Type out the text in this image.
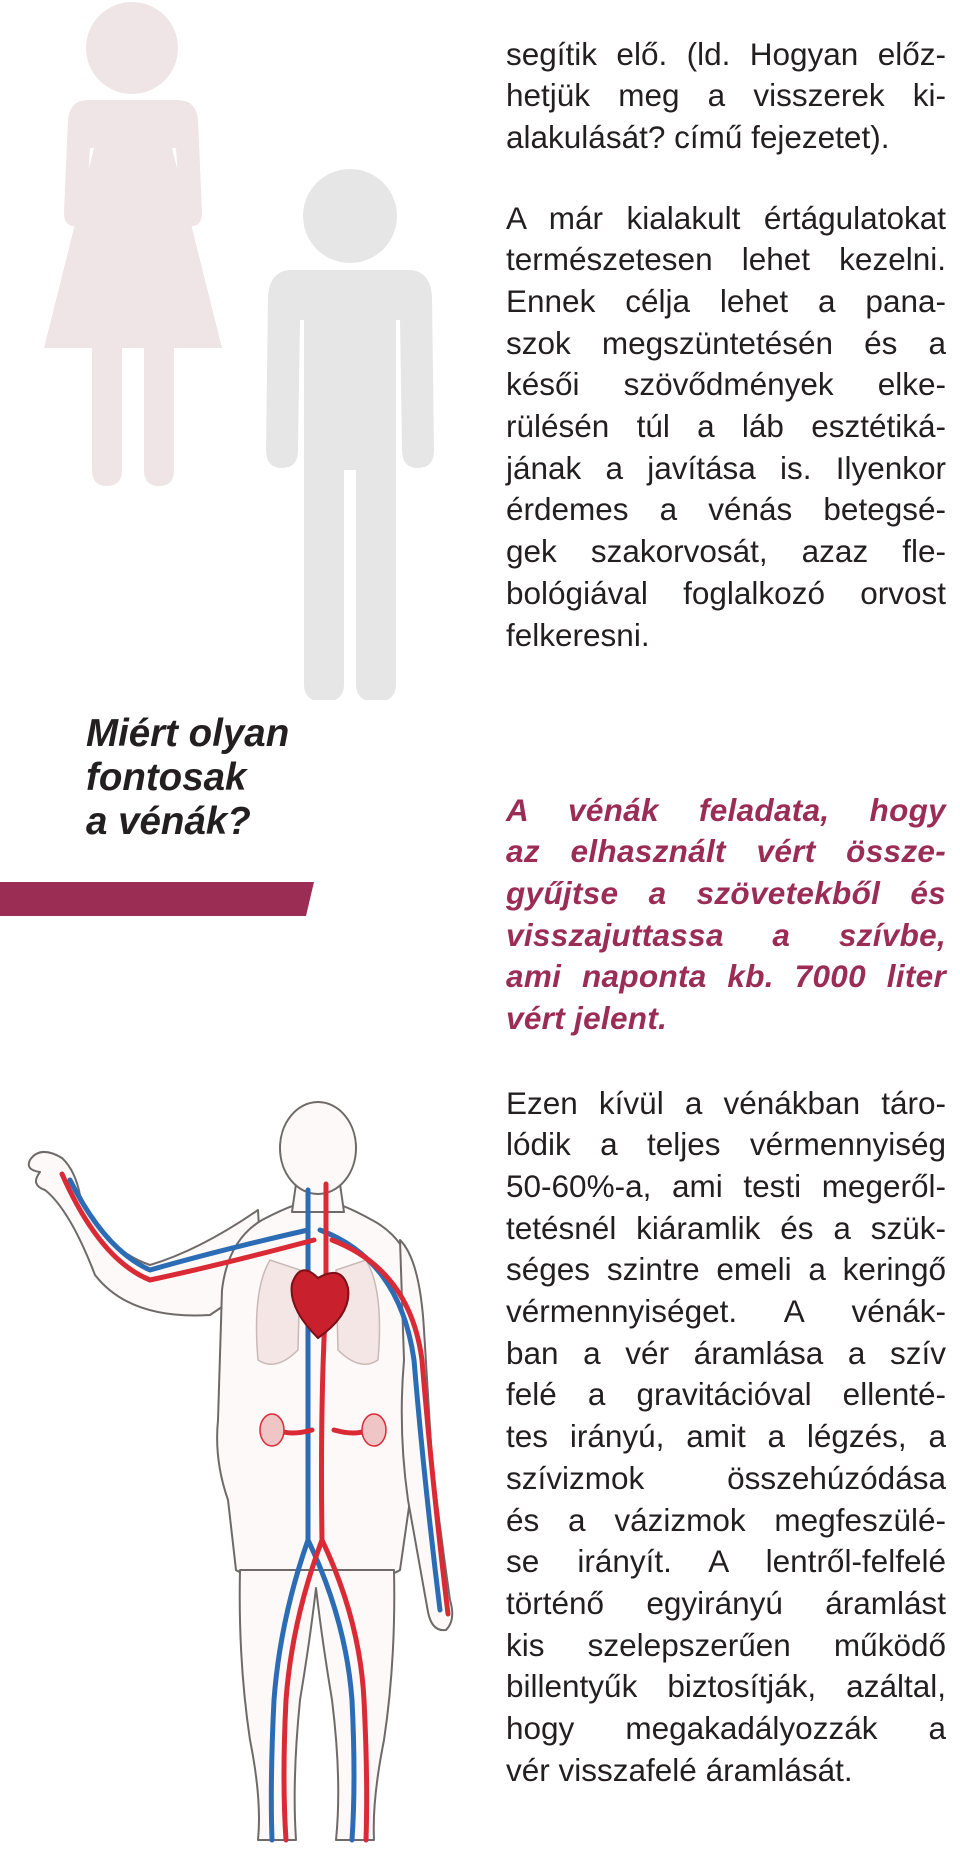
segítik elő. (ld. Hogyan előz-
hetjük meg a visszerek ki-
alakulását? című fejezetet).

A már kialakult értágulatokat
természetesen lehet kezelni.
Ennek célja lehet a pana-
szok megszüntetésén és a
késői szövődmények elke-
rülésén túl a láb esztétiká-
jának a javítása is. Ilyenkor
érdemes a vénás betegsé-
gek szakorvosát, azaz fle-
bológiával foglalkozó orvost
felkeresni.

Miért olyan
fontosak
a vénák?	A vénák feladata, hogy
az elhasznált vért össze-
gyűjtse a szövetekből és
visszajuttassa a szívbe,
ami naponta kb. 7000 liter
vért jelent.

Ezen kívül a vénákban táro-
lódik a teljes vérmennyiség
50-60%-a, ami testi megeről-
tetésnél kiáramlik és a szük-
séges szintre emeli a keringő
vérmennyiséget. A vénák-
ban a vér áramlása a szív
felé a gravitációval ellenté-
tes irányú, amit a légzés, a
szívizmok összehúzódása
és a vázizmok megfeszülé-
se irányít. A lentről-felfelé
történő egyirányú áramlást
kis szelepszerűen működő
billentyűk biztosítják, azáltal,
hogy megakadályozzák a
vér visszafelé áramlását.
